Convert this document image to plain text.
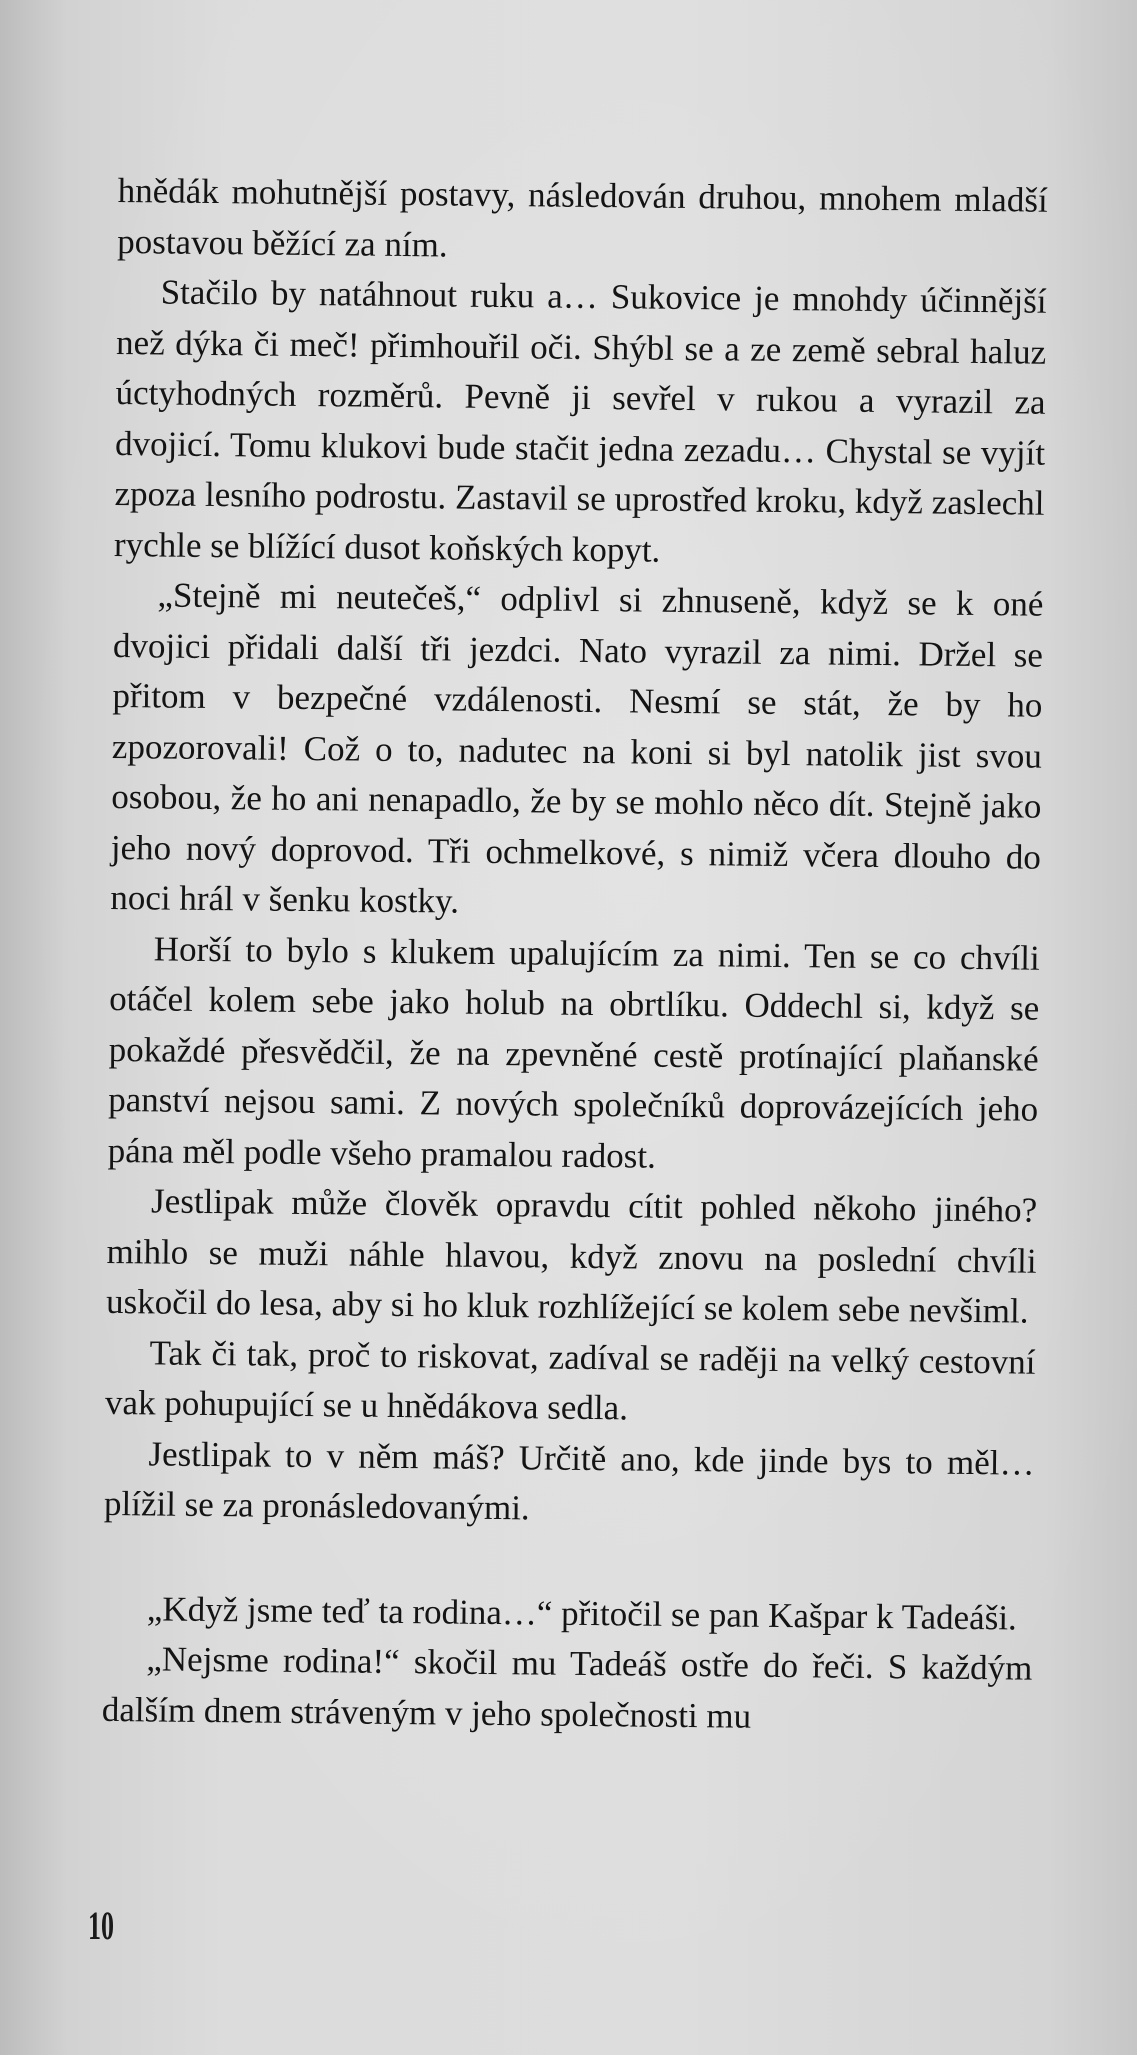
hnědák mohutnější postavy, následován druhou, mnohem mladší postavou běžící za ním.

Stačilo by natáhnout ruku a… Sukovice je mnohdy účinnější než dýka či meč! přimhouřil oči. Shýbl se a ze země sebral haluz úctyhodných rozměrů. Pevně ji sevřel v rukou a vyrazil za dvojicí. Tomu klukovi bude stačit jedna zezadu… Chystal se vyjít zpoza lesního podrostu. Zastavil se uprostřed kroku, když zaslechl rychle se blížící dusot koňských kopyt.

„Stejně mi neutečeš,“ odplivl si zhnuseně, když se k oné dvojici přidali další tři jezdci. Nato vyrazil za nimi. Držel se přitom v bezpečné vzdálenosti. Nesmí se stát, že by ho zpozorovali! Což o to, nadutec na koni si byl natolik jist svou osobou, že ho ani nenapadlo, že by se mohlo něco dít. Stejně jako jeho nový doprovod. Tři ochmelkové, s nimiž včera dlouho do noci hrál v šenku kostky.

Horší to bylo s klukem upalujícím za nimi. Ten se co chvíli otáčel kolem sebe jako holub na obrtlíku. Oddechl si, když se pokaždé přesvědčil, že na zpevněné cestě protínající plaňanské panství nejsou sami. Z nových společníků doprovázejících jeho pána měl podle všeho pramalou radost.

Jestlipak může člověk opravdu cítit pohled někoho jiného? mihlo se muži náhle hlavou, když znovu na poslední chvíli uskočil do lesa, aby si ho kluk rozhlížející se kolem sebe nevšiml.

Tak či tak, proč to riskovat, zadíval se raději na velký cestovní vak pohupující se u hnědákova sedla.

Jestlipak to v něm máš? Určitě ano, kde jinde bys to měl… plížil se za pronásledovanými.

„Když jsme teď ta rodina…“ přitočil se pan Kašpar k Tadeáši.

„Nejsme rodina!“ skočil mu Tadeáš ostře do řeči. S každým dalším dnem stráveným v jeho společnosti mu

10
